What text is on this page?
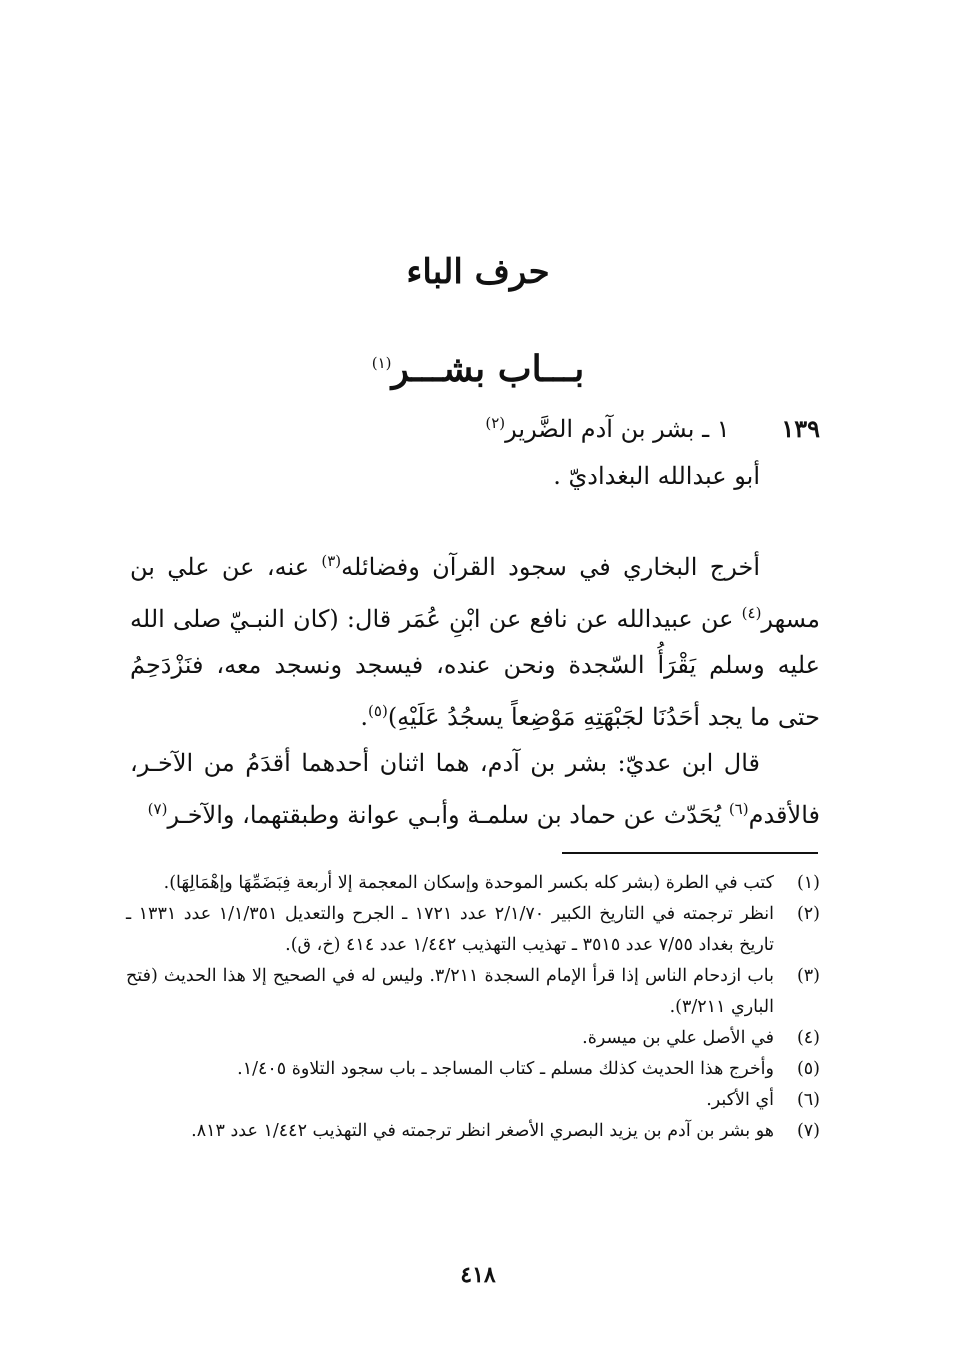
حرف الباء
بـــاب بشـــر$^{(١)}$
١٣٩ ١ ـ بشر بن آدم الضَّرير$^{(٢)}$
أبو عبدالله البغداديّ .

أخرج البخاري في سجود القرآن وفضائله$^{(٣)}$ عنه، عن علي بن مسهر$^{(٤)}$ عن عبيدالله عن نافع عن ابْنِ عُمَر قال: (كان النبـيّ صلى الله عليه وسلم يَقْرَأُ السّجدة ونحن عنده، فيسجد ونسجد معه، فنَزْدَحِمُ حتى ما يجد أحَدُنَا لجَبْهَتِهِ مَوْضِعاً يسجُدُ عَلَيْهِ)$^{(٥)}$.

قال ابن عديّ: بشر بن آدم، هما اثنان أحدهما أقدَمُ من الآخـر، فالأقدم$^{(٦)}$ يُحَدّث عن حماد بن سلمـة وأبـي عوانة وطبقتهما، والآخـر$^{(٧)}$

(١)
كتب في الطرة (بشر كله بكسر الموحدة وإسكان المعجمة إلا أربعة فِبَضَمِّهَا وإهْمَالِهَا).
(٢)
انظر ترجمته في التاريخ الكبير ٢/١/٧٠ عدد ١٧٢١ ـ الجرح والتعديل ١/١/٣٥١ عدد ١٣٣١ ـ تاريخ بغداد ٧/٥٥ عدد ٣٥١٥ ـ تهذيب التهذيب ١/٤٤٢ عدد ٤١٤ (خ، ق).
(٣)
باب ازدحام الناس إذا قرأ الإمام السجدة ٣/٢١١. وليس له في الصحيح إلا هذا الحديث (فتح الباري ٣/٢١١).
(٤)
في الأصل علي بن ميسرة.
(٥)
وأخرج هذا الحديث كذلك مسلم ـ كتاب المساجد ـ باب سجود التلاوة ١/٤٠٥.
(٦)
أي الأكبر.
(٧)
هو بشر بن آدم بن يزيد البصري الأصغر انظر ترجمته في التهذيب ١/٤٤٢ عدد ٨١٣.
٤١٨
